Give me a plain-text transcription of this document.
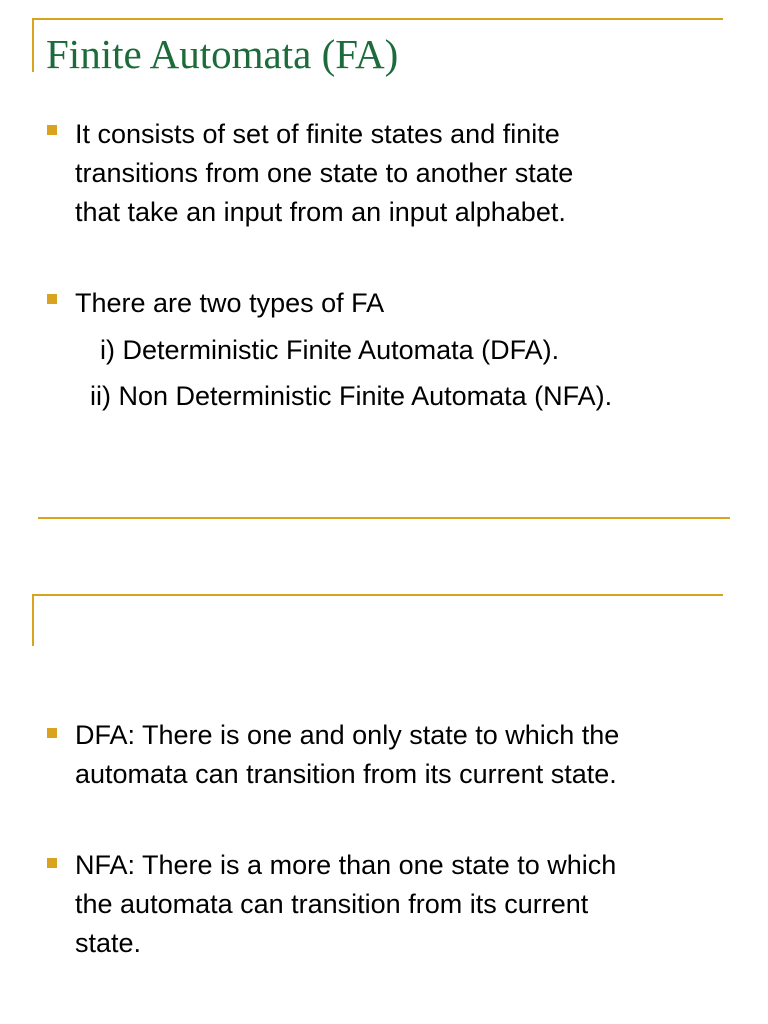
Finite Automata (FA)
It consists of set of finite states and finite
transitions from one state to another state
that take an input from an input alphabet.
There are two types of FA
i) Deterministic Finite Automata (DFA).
ii) Non Deterministic Finite Automata (NFA).
DFA: There is one and only state to which the
automata can transition from its current state.
NFA: There is a more than one state to which
the automata can transition from its current
state.
